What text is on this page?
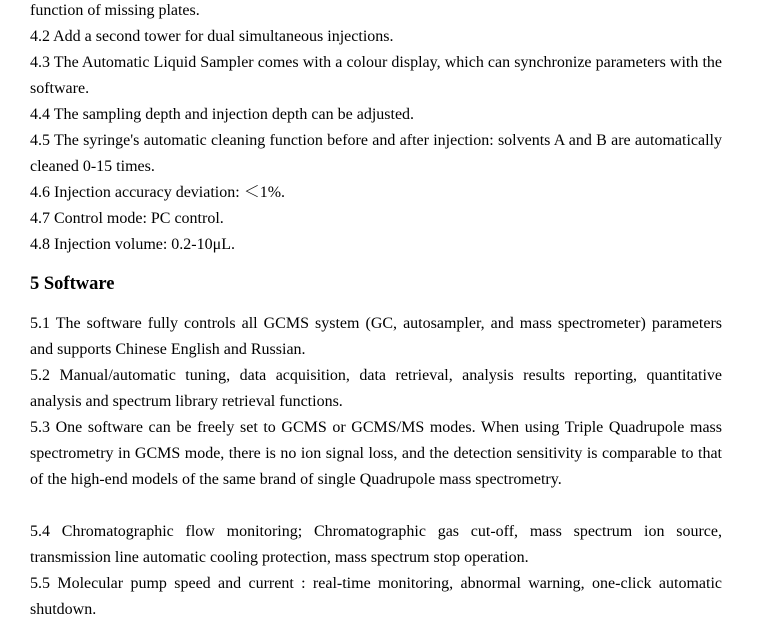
function of missing plates.

4.2 Add a second tower for dual simultaneous injections.

4.3 The Automatic Liquid Sampler comes with a colour display, which can synchronize parameters with the software.

4.4 The sampling depth and injection depth can be adjusted.

4.5 The syringe's automatic cleaning function before and after injection: solvents A and B are automatically cleaned 0-15 times.

4.6 Injection accuracy deviation: ＜1%.

4.7 Control mode: PC control.

4.8 Injection volume: 0.2-10μL.

5 Software

5.1 The software fully controls all GCMS system (GC, autosampler, and mass spectrometer) parameters and supports Chinese English and Russian.

5.2 Manual/automatic tuning, data acquisition, data retrieval, analysis results reporting, quantitative analysis and spectrum library retrieval functions.

5.3 One software can be freely set to GCMS or GCMS/MS modes. When using Triple Quadrupole mass spectrometry in GCMS mode, there is no ion signal loss, and the detection sensitivity is comparable to that of the high-end models of the same brand of single Quadrupole mass spectrometry.

5.4 Chromatographic flow monitoring; Chromatographic gas cut-off, mass spectrum ion source, transmission line automatic cooling protection, mass spectrum stop operation.

5.5 Molecular pump speed and current : real-time monitoring, abnormal warning, one-click automatic shutdown.
